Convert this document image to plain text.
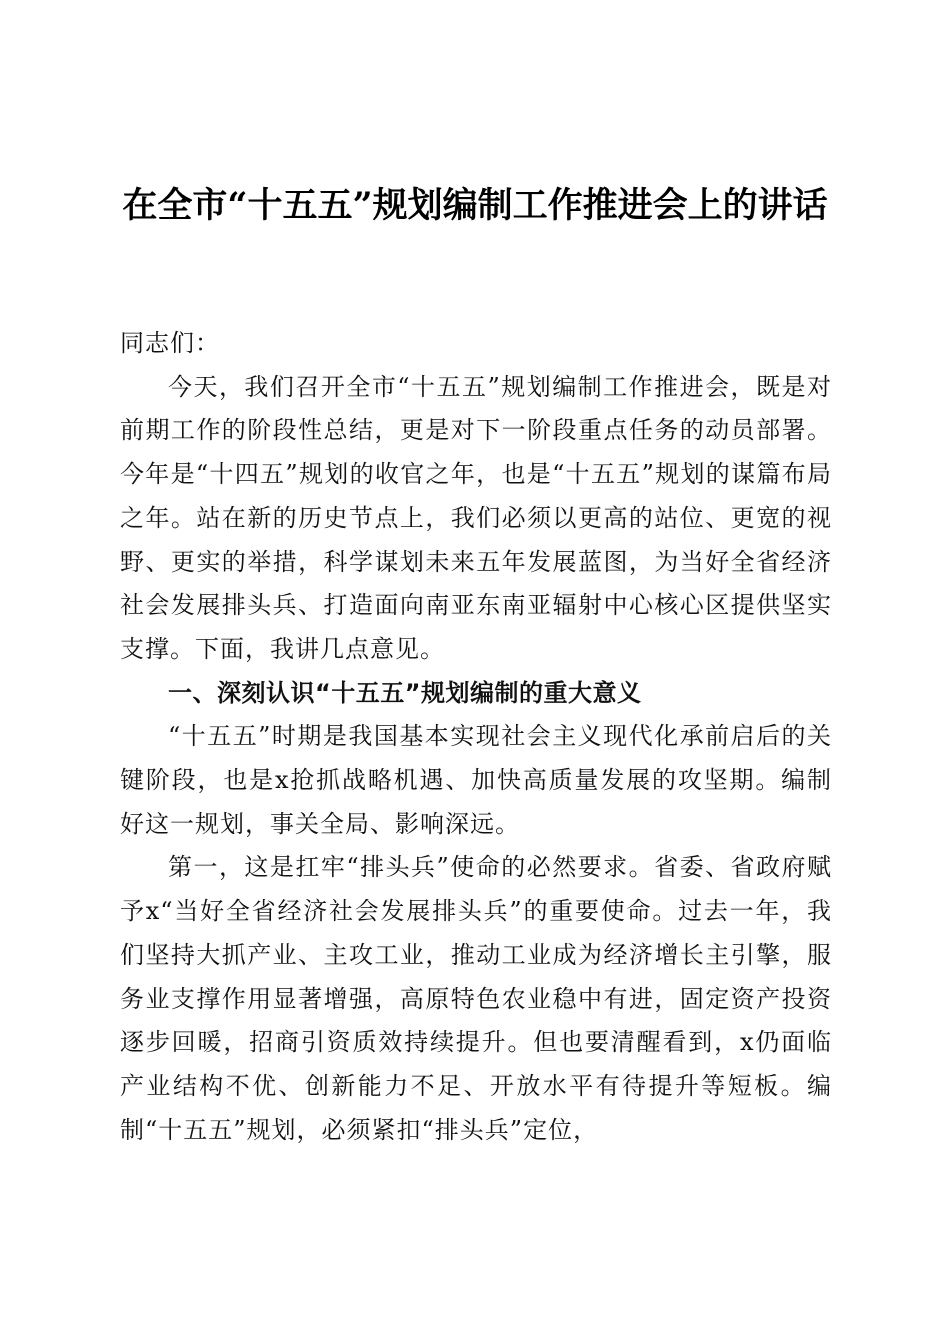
在全市“十五五”规划编制工作推进会上的讲话

同志们：

今天，我们召开全市“十五五”规划编制工作推进会，既是对前期工作的阶段性总结，更是对下一阶段重点任务的动员部署。今年是“十四五”规划的收官之年，也是“十五五”规划的谋篇布局之年。站在新的历史节点上，我们必须以更高的站位、更宽的视野、更实的举措，科学谋划未来五年发展蓝图，为当好全省经济社会发展排头兵、打造面向南亚东南亚辐射中心核心区提供坚实支撑。下面，我讲几点意见。

一、深刻认识“十五五”规划编制的重大意义

“十五五”时期是我国基本实现社会主义现代化承前启后的关键阶段，也是x抢抓战略机遇、加快高质量发展的攻坚期。编制好这一规划，事关全局、影响深远。

第一，这是扛牢“排头兵”使命的必然要求。省委、省政府赋予x“当好全省经济社会发展排头兵”的重要使命。过去一年，我们坚持大抓产业、主攻工业，推动工业成为经济增长主引擎，服务业支撑作用显著增强，高原特色农业稳中有进，固定资产投资逐步回暖，招商引资质效持续提升。但也要清醒看到，x仍面临产业结构不优、创新能力不足、开放水平有待提升等短板。编制“十五五”规划，必须紧扣“排头兵”定位，
